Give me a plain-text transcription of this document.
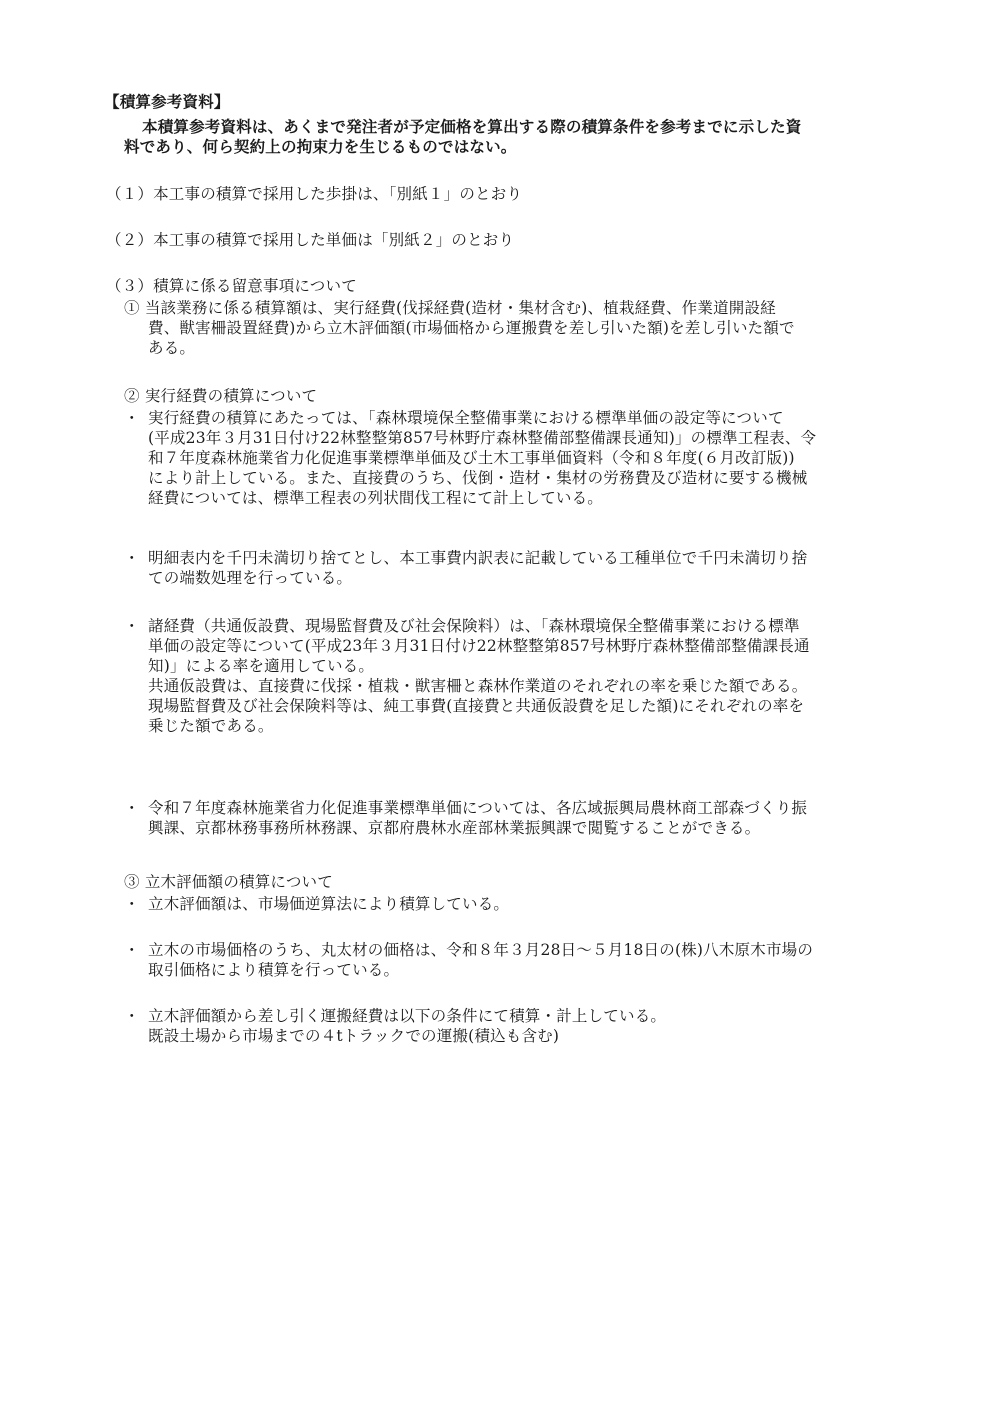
【積算参考資料】
本積算参考資料は、あくまで発注者が予定価格を算出する際の積算条件を参考までに示した資
料であり、何ら契約上の拘束力を生じるものではない。
（１）本工事の積算で採用した歩掛は、「別紙１」のとおり
（２）本工事の積算で採用した単価は「別紙２」のとおり
（３）積算に係る留意事項について
① 当該業務に係る積算額は、実行経費(伐採経費(造材・集材含む)、植栽経費、作業道開設経
費、獣害柵設置経費)から立木評価額(市場価格から運搬費を差し引いた額)を差し引いた額で
ある。
② 実行経費の積算について
・ 実行経費の積算にあたっては、「森林環境保全整備事業における標準単価の設定等について
(平成23年３月31日付け22林整整第857号林野庁森林整備部整備課長通知)」の標準工程表、令
和７年度森林施業省力化促進事業標準単価及び土木工事単価資料（令和８年度(６月改訂版))
により計上している。また、直接費のうち、伐倒・造材・集材の労務費及び造材に要する機械
経費については、標準工程表の列状間伐工程にて計上している。
・ 明細表内を千円未満切り捨てとし、本工事費内訳表に記載している工種単位で千円未満切り捨
ての端数処理を行っている。
・ 諸経費（共通仮設費、現場監督費及び社会保険料）は、「森林環境保全整備事業における標準
単価の設定等について(平成23年３月31日付け22林整整第857号林野庁森林整備部整備課長通
知)」による率を適用している。
共通仮設費は、直接費に伐採・植栽・獣害柵と森林作業道のそれぞれの率を乗じた額である。
現場監督費及び社会保険料等は、純工事費(直接費と共通仮設費を足した額)にそれぞれの率を
乗じた額である。
・ 令和７年度森林施業省力化促進事業標準単価については、各広域振興局農林商工部森づくり振
興課、京都林務事務所林務課、京都府農林水産部林業振興課で閲覧することができる。
③ 立木評価額の積算について
・ 立木評価額は、市場価逆算法により積算している。
・ 立木の市場価格のうち、丸太材の価格は、令和８年３月28日～５月18日の(株)八木原木市場の
取引価格により積算を行っている。
・ 立木評価額から差し引く運搬経費は以下の条件にて積算・計上している。
既設土場から市場までの４tトラックでの運搬(積込も含む)
